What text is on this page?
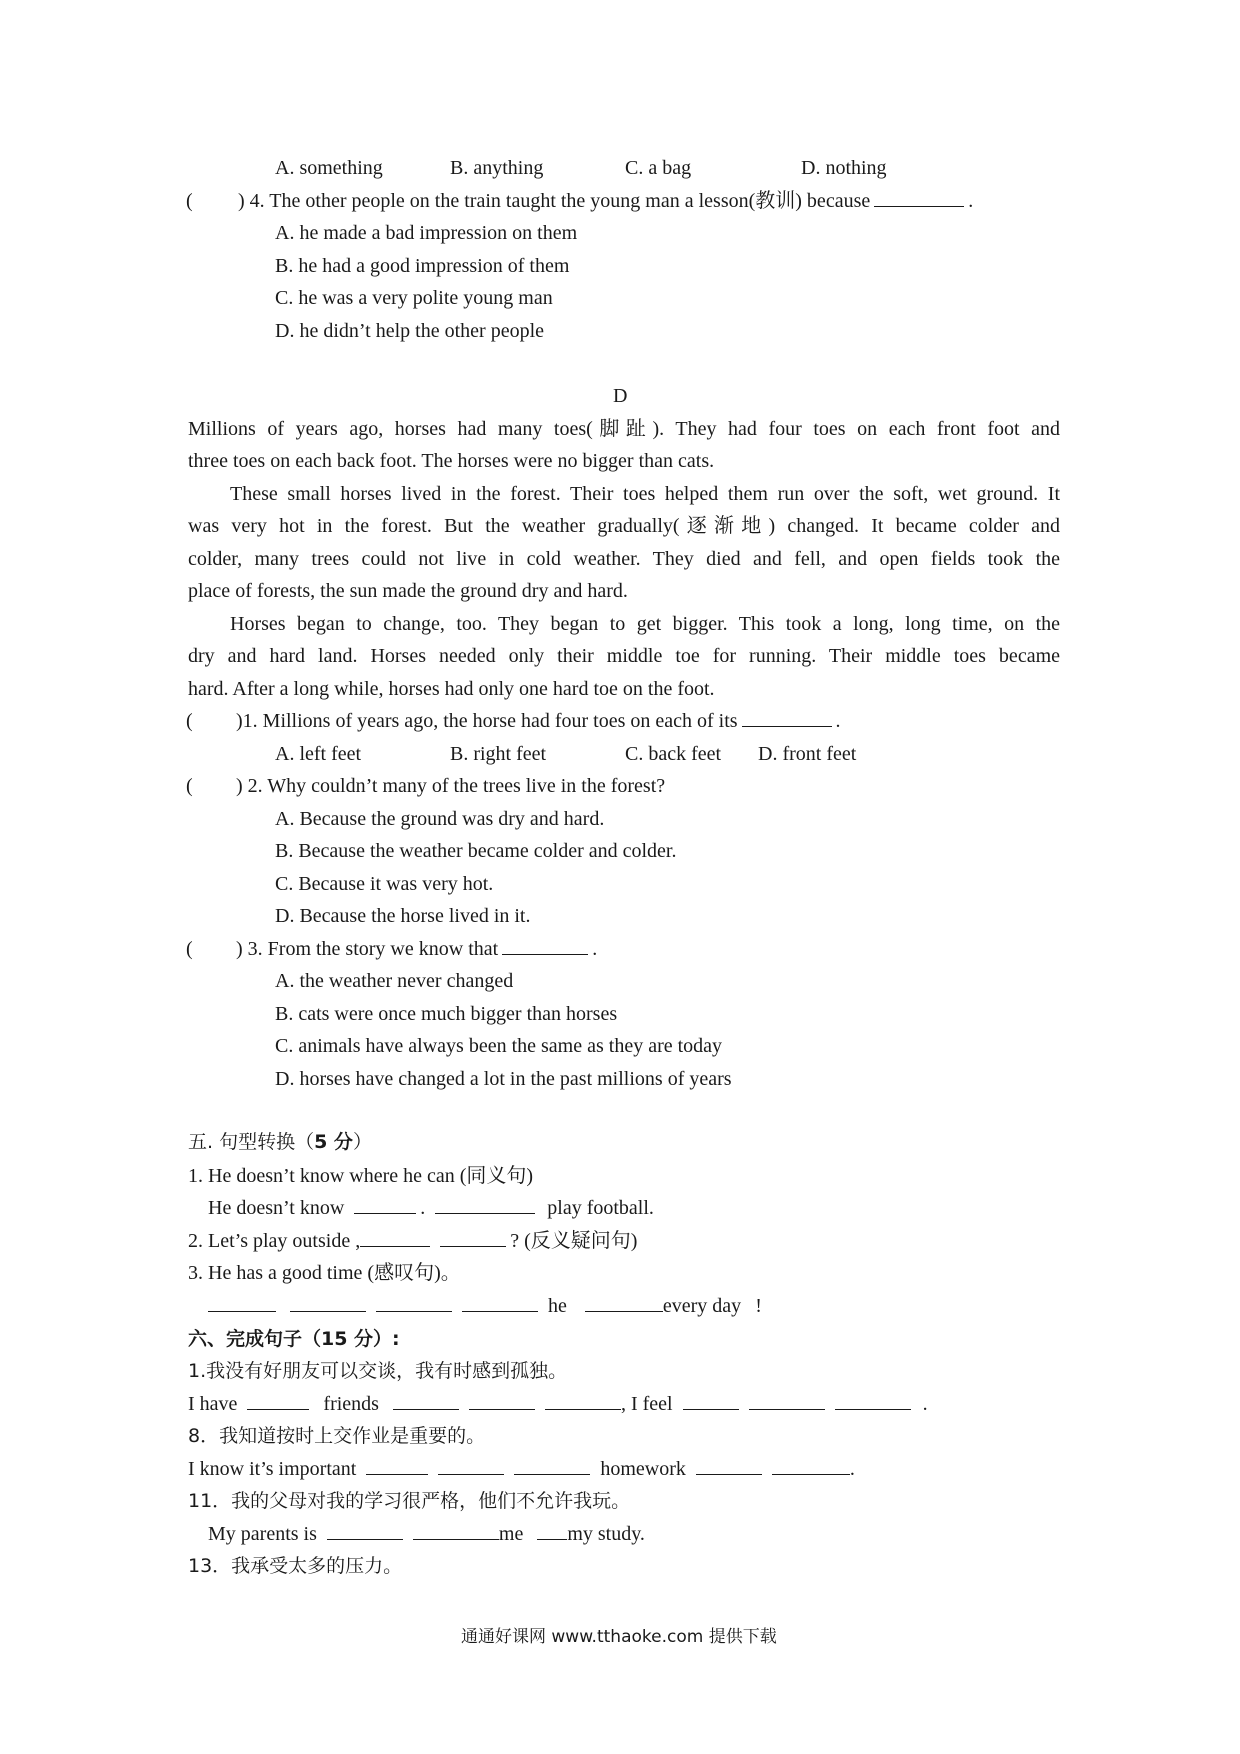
A. something	B. anything	C. a bag	D. nothing
( ) 4. The other people on the train taught the young man a lesson(教训) because	.
A. he made a bad impression on them
B. he had a good impression of them
C. he was a very polite young man
D. he didn’t help the other people
D
Millions of years ago, horses had many toes(脚趾). They had four toes on each front foot and
three toes on each back foot. The horses were no bigger than cats.
These small horses lived in the forest. Their toes helped them run over the soft, wet ground. It
was very hot in the forest. But the weather gradually(逐渐地) changed. It became colder and
colder, many trees could not live in cold weather. They died and fell, and open fields took the
place of forests, the sun made the ground dry and hard.
Horses began to change, too. They began to get bigger. This took a long, long time, on the
dry and hard land. Horses needed only their middle toe for running. Their middle toes became
hard. After a long while, horses had only one hard toe on the foot.
( )1. Millions of years ago, the horse had four toes on each of its	.
A. left feet	B. right feet	C. back feet D. front feet
( ) 2. Why couldn’t many of the trees live in the forest?
A. Because the ground was dry and hard.
B. Because the weather became colder and colder.
C. Because it was very hot.
D. Because the horse lived in it.
( ) 3. From the story we know that	.
A. the weather never changed
B. cats were once much bigger than horses
C. animals have always been the same as they are today
D. horses have changed a lot in the past millions of years
五. 句型转换（5 分）
1. He doesn’t know where he can (同义句)
He doesn’t know	.	play football.
2. Let’s play outside ,	? (反义疑问句)
3. He has a good time (感叹句)。
he	every day !
六、完成句子（15 分）:
1.我没有好朋友可以交谈，我有时感到孤独。
I have	friends	, I feel	.
8．我知道按时上交作业是重要的。
I know it’s important	homework	.
11．我的父母对我的学习很严格，他们不允许我玩。
My parents is	me my study.
13．我承受太多的压力。
通通好课网 www.tthaoke.com 提供下载
